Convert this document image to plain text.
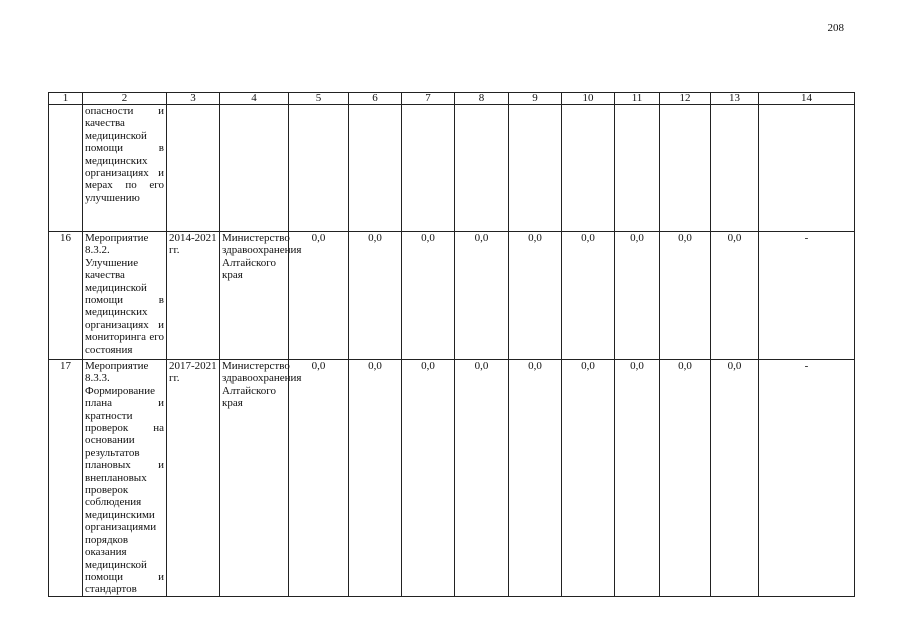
208
1	2	3	4	5	6	7	8	9	10	11	12	13	14
	опасности и качества медицинской помощи в медицинских организациях и мерах по его улучшению												
16	Мероприятие 8.3.2. Улучшение качества медицинской помощи в медицинских организациях и мониторинга его состояния	2014-2021 гг.	Министерство здравоохранения Алтайского края	0,0	0,0	0,0	0,0	0,0	0,0	0,0	0,0	0,0	-
17	Мероприятие 8.3.3. Формирование плана и кратности проверок на основании результатов плановых и внеплановых проверок соблюдения медицинскими организациями порядков оказания медицинской помощи и стандартов	2017-2021 гг.	Министерство здравоохранения Алтайского края	0,0	0,0	0,0	0,0	0,0	0,0	0,0	0,0	0,0	-
